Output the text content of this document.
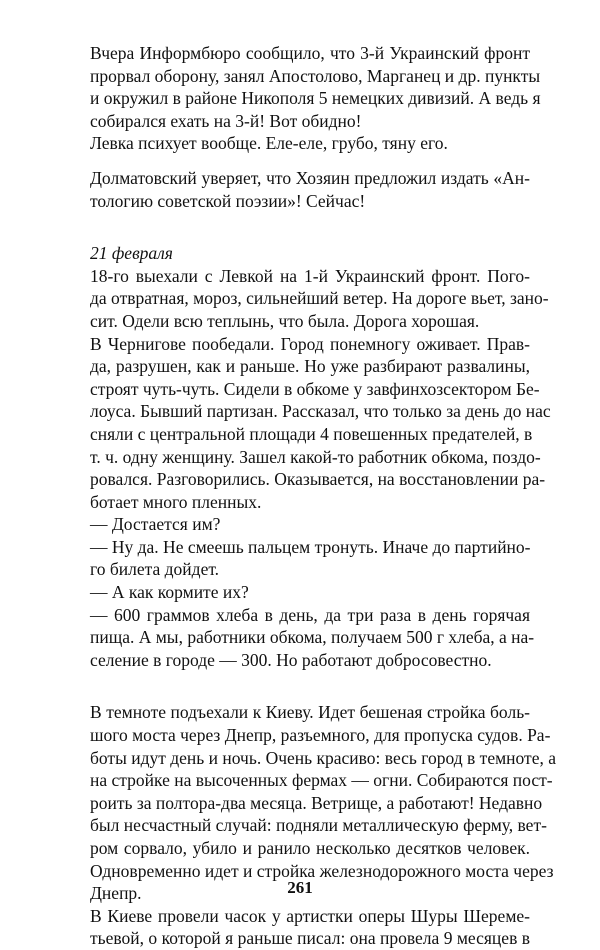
Вчера Информбюро сообщило, что 3-й Украинский фронт
прорвал оборону, занял Апостолово, Марганец и др. пункты
и окружил в районе Никополя 5 немецких дивизий. А ведь я
собирался ехать на 3-й! Вот обидно!
Левка психует вообще. Еле-еле, грубо, тяну его.
Долматовский уверяет, что Хозяин предложил издать «Ан-
тологию советской поэзии»! Сейчас!
21 февраля
18-го выехали с Левкой на 1-й Украинский фронт. Пого-
да отвратная, мороз, сильнейший ветер. На дороге вьет, зано-
сит. Одели всю теплынь, что была. Дорога хорошая.
В Чернигове пообедали. Город понемногу оживает. Прав-
да, разрушен, как и раньше. Но уже разбирают развалины,
строят чуть-чуть. Сидели в обкоме у завфинхозсектором Бе-
лоуса. Бывший партизан. Рассказал, что только за день до нас
сняли с центральной площади 4 повешенных предателей, в
т. ч. одну женщину. Зашел какой-то работник обкома, поздо-
ровался. Разговорились. Оказывается, на восстановлении ра-
ботает много пленных.
— Достается им?
— Ну да. Не смеешь пальцем тронуть. Иначе до партийно-
го билета дойдет.
— А как кормите их?
— 600 граммов хлеба в день, да три раза в день горячая
пища. А мы, работники обкома, получаем 500 г хлеба, а на-
селение в городе — 300. Но работают добросовестно.
В темноте подъехали к Киеву. Идет бешеная стройка боль-
шого моста через Днепр, разъемного, для пропуска судов. Ра-
боты идут день и ночь. Очень красиво: весь город в темноте, а
на стройке на высоченных фермах — огни. Собираются пост-
роить за полтора-два месяца. Ветрище, а работают! Недавно
был несчастный случай: подняли металлическую ферму, вет-
ром сорвало, убило и ранило несколько десятков человек.
Одновременно идет и стройка железнодорожного моста через
Днепр.
В Киеве провели часок у артистки оперы Шуры Шереме-
тьевой, о которой я раньше писал: она провела 9 месяцев в
261
